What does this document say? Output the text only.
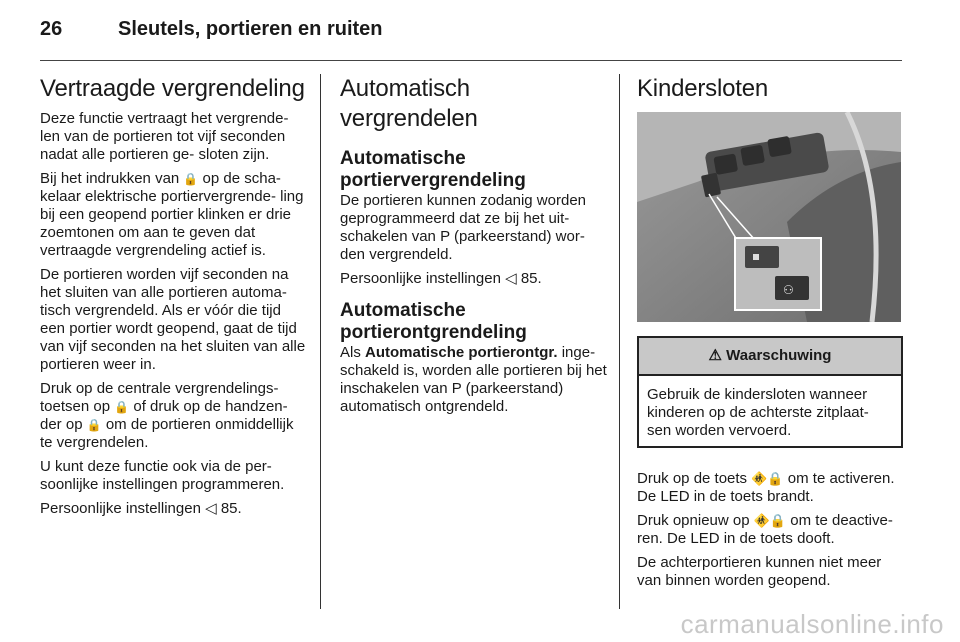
26	Sleutels, portieren en ruiten
Vertraagde vergrendeling

Deze functie vertraagt het vergrende- len van de portieren tot vijf seconden nadat alle portieren ge- sloten zijn.

Bij het indrukken van 🔒 op de scha- kelaar elektrische portiervergrende- ling bij een geopend portier klinken er drie zoemtonen om aan te geven dat vertraagde vergrendeling actief is.

De portieren worden vijf seconden na het sluiten van alle portieren automa- tisch vergrendeld. Als er vóór die tijd een portier wordt geopend, gaat de tijd van vijf seconden na het sluiten van alle portieren weer in.

Druk op de centrale vergrendelings- toetsen op 🔒 of druk op de handzen- der op 🔒 om de portieren onmiddellijk te vergrendelen.

U kunt deze functie ook via de per- soonlijke instellingen programmeren.

Persoonlijke instellingen ◁ 85.

Automatisch vergrendelen
Automatische portiervergrendeling

De portieren kunnen zodanig worden geprogrammeerd dat ze bij het uit- schakelen van P (parkeerstand) wor- den vergrendeld.

Persoonlijke instellingen ◁ 85.

Automatische portierontgrendeling

Als Automatische portierontgr. inge- schakeld is, worden alle portieren bij het inschakelen van P (parkeerstand) automatisch ontgrendeld.

Kindersloten
⚇
⚠ Waarschuwing
Gebruik de kindersloten wanneer kinderen op de achterste zitplaat- sen worden vervoerd.

Druk op de toets 🚸🔒 om te activeren. De LED in de toets brandt.

Druk opnieuw op 🚸🔒 om te deactive- ren. De LED in de toets dooft.

De achterportieren kunnen niet meer van binnen worden geopend.

carmanualsonline.info
